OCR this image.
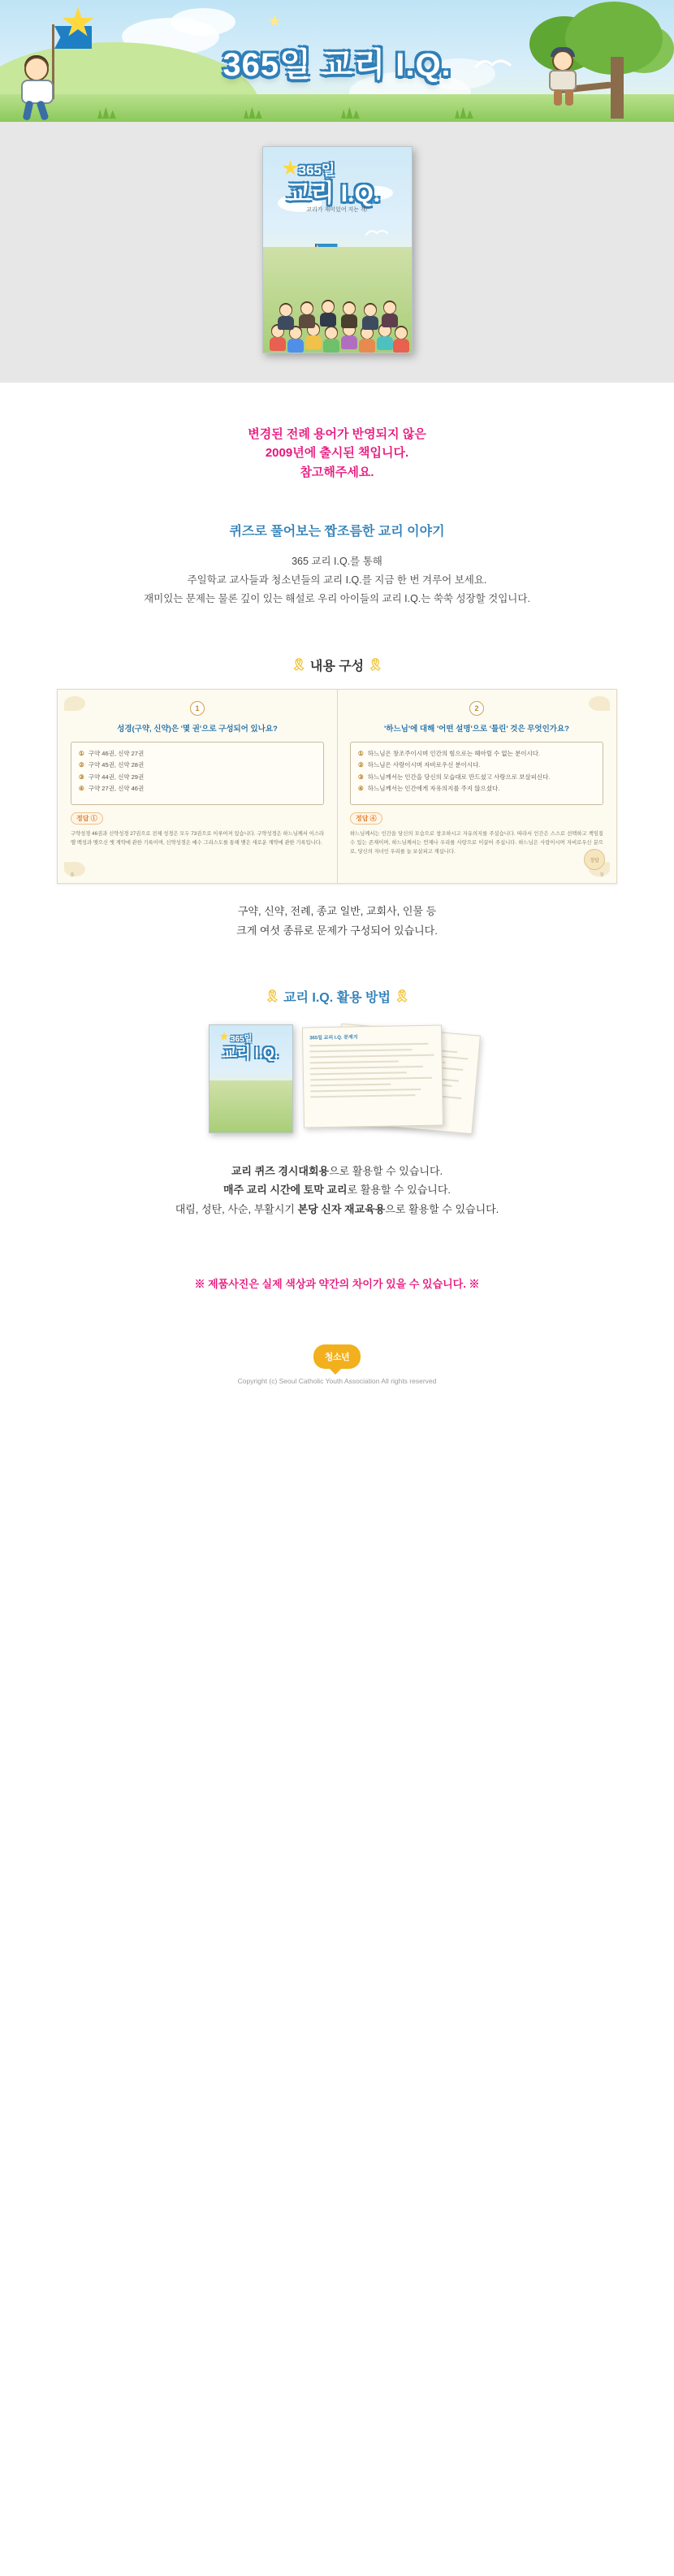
365일 교리 I.Q.
365일
교리 I.Q.
교리가 재미있어 지는 책!

변경된 전례 용어가 반영되지 않은

2009년에 출시된 책입니다.

참고해주세요.

퀴즈로 풀어보는 짭조름한 교리 이야기

365 교리 I.Q.를 통해

주일학교 교사들과 청소년들의 교리 I.Q.를 지금 한 번 겨루어 보세요.

재미있는 문제는 물론 깊이 있는 해설로 우리 아이들의 교리 I.Q.는 쑥쑥 성장할 것입니다.

🎗 내용 구성 🎗
1
성경(구약, 신약)은 '몇 권'으로 구성되어 있나요?
① 구약 46권, 신약 27권
② 구약 45권, 신약 28권
③ 구약 44권, 신약 29권
④ 구약 27권, 신약 46권
정답 ①
구약성경 46권과 신약성경 27권으로 전체 성경은 모두 73권으로 이루어져 있습니다. 구약성경은 하느님께서 이스라엘 백성과 맺으신 옛 계약에 관한 기록이며, 신약성경은 예수 그리스도를 통해 맺은 새로운 계약에 관한 기록입니다.
8
2
'하느님'에 대해 '어떤 설명'으로 '틀린' 것은 무엇인가요?
① 하느님은 창조주이시며 인간의 힘으로는 헤아릴 수 없는 분이시다.
② 하느님은 사랑이시며 자비로우신 분이시다.
③ 하느님께서는 인간을 당신의 모습대로 만드셨고 사랑으로 보살피신다.
④ 하느님께서는 인간에게 자유의지를 주지 않으셨다.
정답 ④
하느님께서는 인간을 당신의 모습으로 창조하시고 자유의지를 주셨습니다. 따라서 인간은 스스로 선택하고 책임질 수 있는 존재이며, 하느님께서는 언제나 우리를 사랑으로 이끌어 주십니다. 하느님은 사랑이시며 자비로우신 분으로, 당신의 자녀인 우리를 늘 보살피고 계십니다.
정답
9
구약, 신약, 전례, 종교 일반, 교회사, 인물 등
크게 여섯 종류로 문제가 구성되어 있습니다.
🎗 교리 I.Q. 활용 방법 🎗
365일 교리 I.Q. 문제지
365일
교리 I.Q.
교리 퀴즈 경시대회용으로 활용할 수 있습니다.
매주 교리 시간에 토막 교리로 활용할 수 있습니다.
대림, 성탄, 사순, 부활시기 본당 신자 재교육용으로 활용할 수 있습니다.
※ 제품사진은 실제 색상과 약간의 차이가 있을 수 있습니다. ※
청소년
Copyright (c) Seoul Catholic Youth Association All rights reserved
